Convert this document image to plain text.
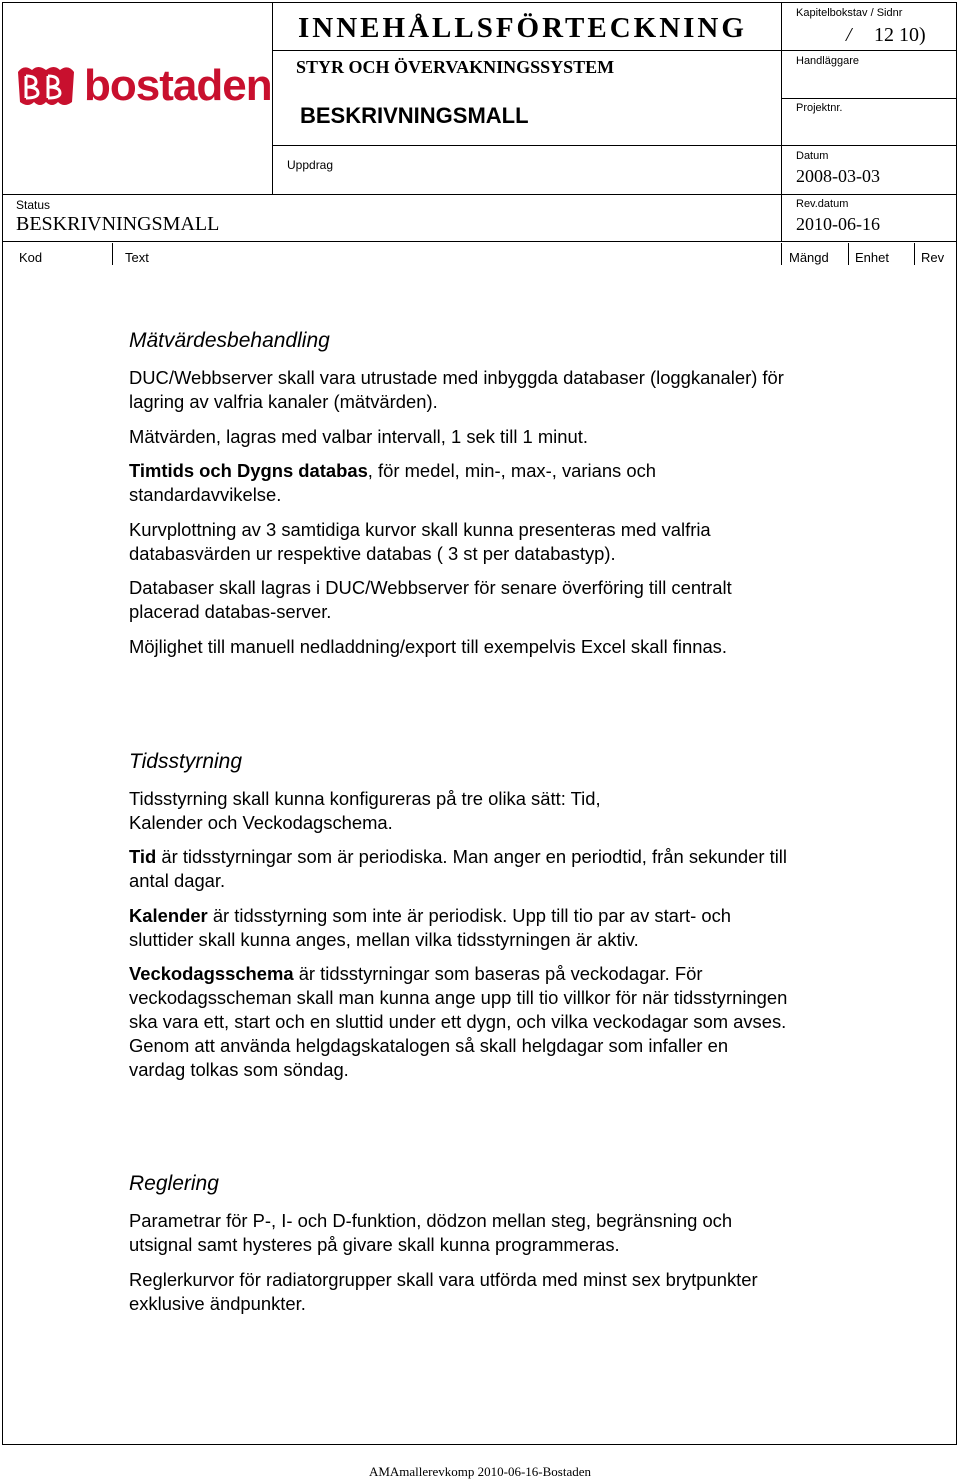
bostaden
INNEHÅLLSFÖRTECKNING
STYR OCH ÖVERVAKNINGSSYSTEM
BESKRIVNINGSMALL
Uppdrag
Status
BESKRIVNINGSMALL
Kapitelbokstav / Sidnr
/ 12 10)
Handläggare
Projektnr.
Datum
2008-03-03
Rev.datum
2010-06-16
Kod	Text	Mängd Enhet Rev
Mätvärdesbehandling

DUC/Webbserver skall vara utrustade med inbyggda databaser (loggkanaler) för lagring av valfria kanaler (mätvärden).

Mätvärden, lagras med valbar intervall, 1 sek till 1 minut.

Timtids och Dygns databas, för medel, min-, max-, varians och standardavvikelse.

Kurvplottning av 3 samtidiga kurvor skall kunna presenteras med valfria databasvärden ur respektive databas ( 3 st per databastyp).

Databaser skall lagras i DUC/Webbserver för senare överföring till centralt placerad databas-server.

Möjlighet till manuell nedladdning/export till exempelvis Excel skall finnas.

Tidsstyrning

Tidsstyrning skall kunna konfigureras på tre olika sätt: Tid, Kalender och Veckodagschema.

Tid är tidsstyrningar som är periodiska. Man anger en periodtid, från sekunder till antal dagar.

Kalender är tidsstyrning som inte är periodisk. Upp till tio par av start- och sluttider skall kunna anges, mellan vilka tidsstyrningen är aktiv.

Veckodagsschema är tidsstyrningar som baseras på veckodagar. För veckodagsscheman skall man kunna ange upp till tio villkor för när tidsstyrningen ska vara ett, start och en sluttid under ett dygn, och vilka veckodagar som avses. Genom att använda helgdagskatalogen så skall helgdagar som infaller en vardag tolkas som söndag.

Reglering

Parametrar för P-, I- och D-funktion, dödzon mellan steg, begränsning och utsignal samt hysteres på givare skall kunna programmeras.

Reglerkurvor för radiatorgrupper skall vara utförda med minst sex brytpunkter exklusive ändpunkter.

AMAmallerevkomp 2010-06-16-Bostaden
